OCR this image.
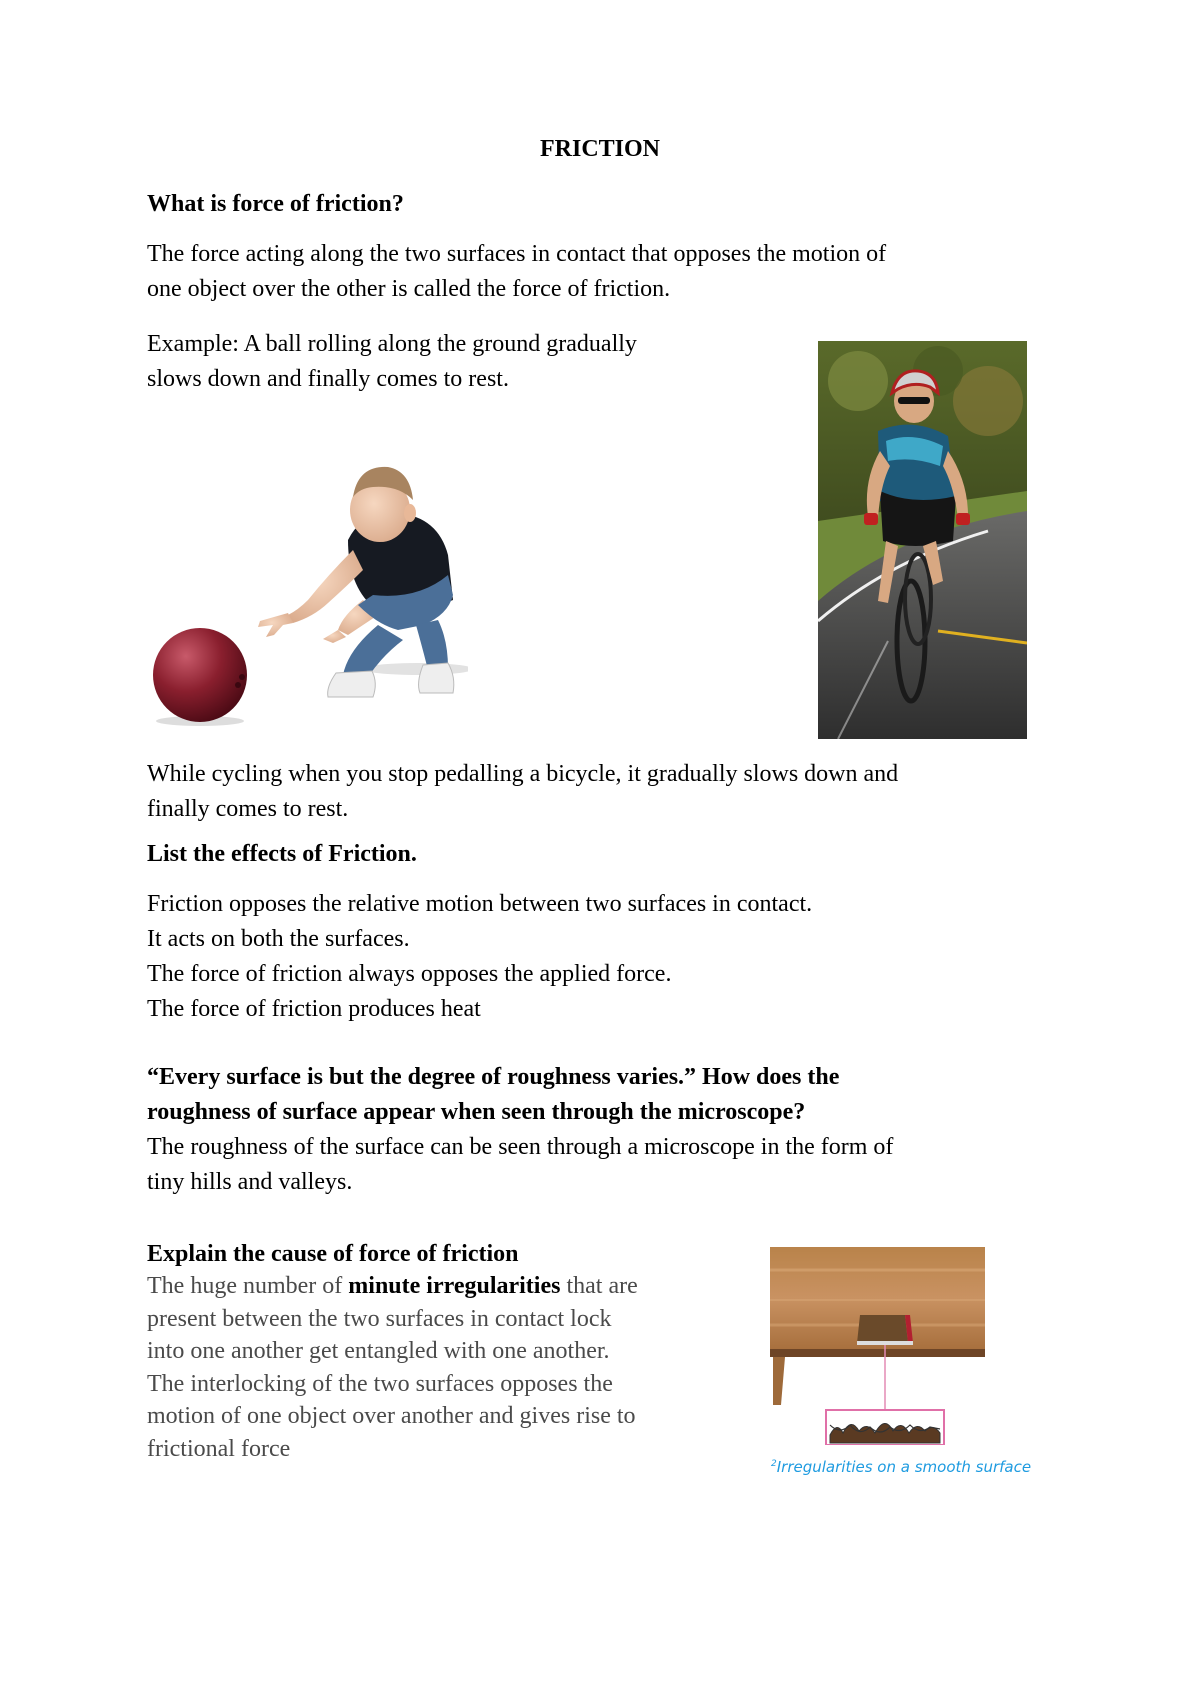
FRICTION
What is force of friction?
The force acting along the two surfaces in contact that opposes the motion of
one object over the other is called the force of friction.
Example: A ball rolling along the ground gradually
slows down and finally comes to rest.
While cycling when you stop pedalling a bicycle, it gradually slows down and
finally comes to rest.
List the effects of Friction.
Friction opposes the relative motion between two surfaces in contact.
It acts on both the surfaces.
The force of friction always opposes the applied force.
The force of friction produces heat
“Every surface is but the degree of roughness varies.” How does the
roughness of surface appear when seen through the microscope?
The roughness of the surface can be seen through a microscope in the form of
tiny hills and valleys.
Explain the cause of force of friction
The huge number of minute irregularities that are
present between the two surfaces in contact lock
into one another get entangled with one another.
The interlocking of the two surfaces opposes the
motion of one object over another and gives rise to
frictional force
$^2$Irregularities on a smooth surface
